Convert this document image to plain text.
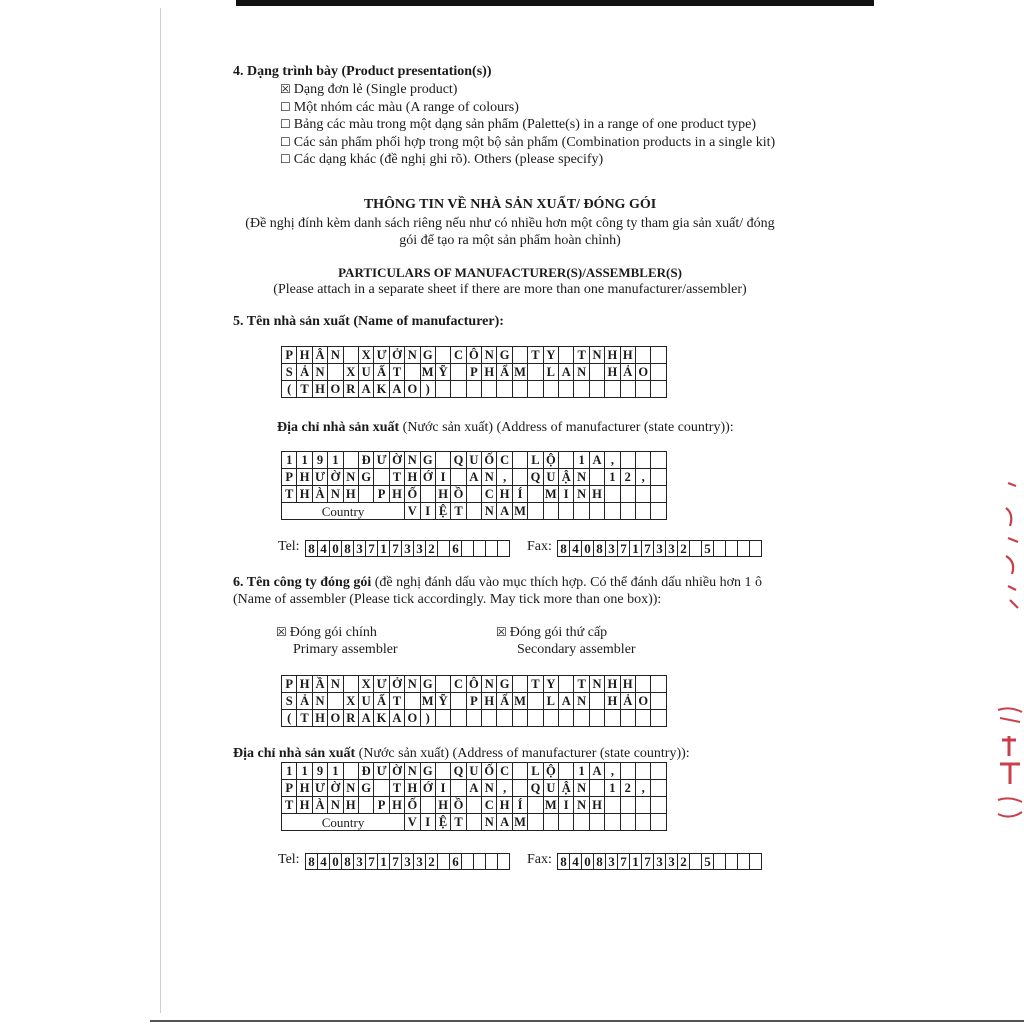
4. Dạng trình bày (Product presentation(s))
☒ Dạng đơn lẻ (Single product)
☐ Một nhóm các màu (A range of colours)
☐ Bảng các màu trong một dạng sản phẩm (Palette(s) in a range of one product type)
☐ Các sản phẩm phối hợp trong một bộ sản phẩm (Combination products in a single kit)
☐ Các dạng khác (đề nghị ghi rõ). Others (please specify)
THÔNG TIN VỀ NHÀ SẢN XUẤT/ ĐÓNG GÓI
(Đề nghị đính kèm danh sách riêng nếu như có nhiều hơn một công ty tham gia sản xuất/ đóng
gói để tạo ra một sản phẩm hoàn chỉnh)
PARTICULARS OF MANUFACTURER(S)/ASSEMBLER(S)
(Please attach in a separate sheet if there are more than one manufacturer/assembler)
5. Tên nhà sản xuất (Name of manufacturer):
P	H	Â	N		X	Ư	Ở	N	G		C	Ô	N	G		T	Y		T	N	H	H		
S	Ả	N		X	U	Ấ	T		M	Ỹ		P	H	Ẩ	M		L	A	N		H	Ả	O	
(	T	H	O	R	A	K	A	O	)															
Địa chỉ nhà sản xuất (Nước sản xuất) (Address of manufacturer (state country)):
1	1	9	1		Đ	Ư	Ờ	N	G		Q	U	Ố	C		L	Ộ		1	A	,			
P	H	Ư	Ờ	N	G		T	H	Ớ	I		A	N	,		Q	U	Ậ	N		1	2	,	
T	H	À	N	H		P	H	Ố		H	Ồ		C	H	Í		M	I	N	H				
Country								V	I	Ệ	T		N	A	M									
Tel: 8	4	0	8	3	7	1	7	3	3	2		6					Fax: 8	4	0	8	3	7	1	7	3	3	2		5				
6. Tên công ty đóng gói (đề nghị đánh dấu vào mục thích hợp. Có thể đánh dấu nhiều hơn 1 ô
(Name of assembler (Please tick accordingly. May tick more than one box)):
☒ Đóng gói chính
Primary assembler
☒ Đóng gói thứ cấp
Secondary assembler
P	H	Ầ	N		X	Ư	Ở	N	G		C	Ô	N	G		T	Y		T	N	H	H		
S	Ả	N		X	U	Ấ	T		M	Ỹ		P	H	Ẩ	M		L	A	N		H	Ả	O	
(	T	H	O	R	A	K	A	O	)															
Địa chỉ nhà sản xuất (Nước sản xuất) (Address of manufacturer (state country)):
1	1	9	1		Đ	Ư	Ờ	N	G		Q	U	Ố	C		L	Ộ		1	A	,			
P	H	Ư	Ờ	N	G		T	H	Ớ	I		A	N	,		Q	U	Ậ	N		1	2	,	
T	H	À	N	H		P	H	Ố		H	Ồ		C	H	Í		M	I	N	H				
Country								V	I	Ệ	T		N	A	M									
Tel: 8	4	0	8	3	7	1	7	3	3	2		6					Fax: 8	4	0	8	3	7	1	7	3	3	2		5				
